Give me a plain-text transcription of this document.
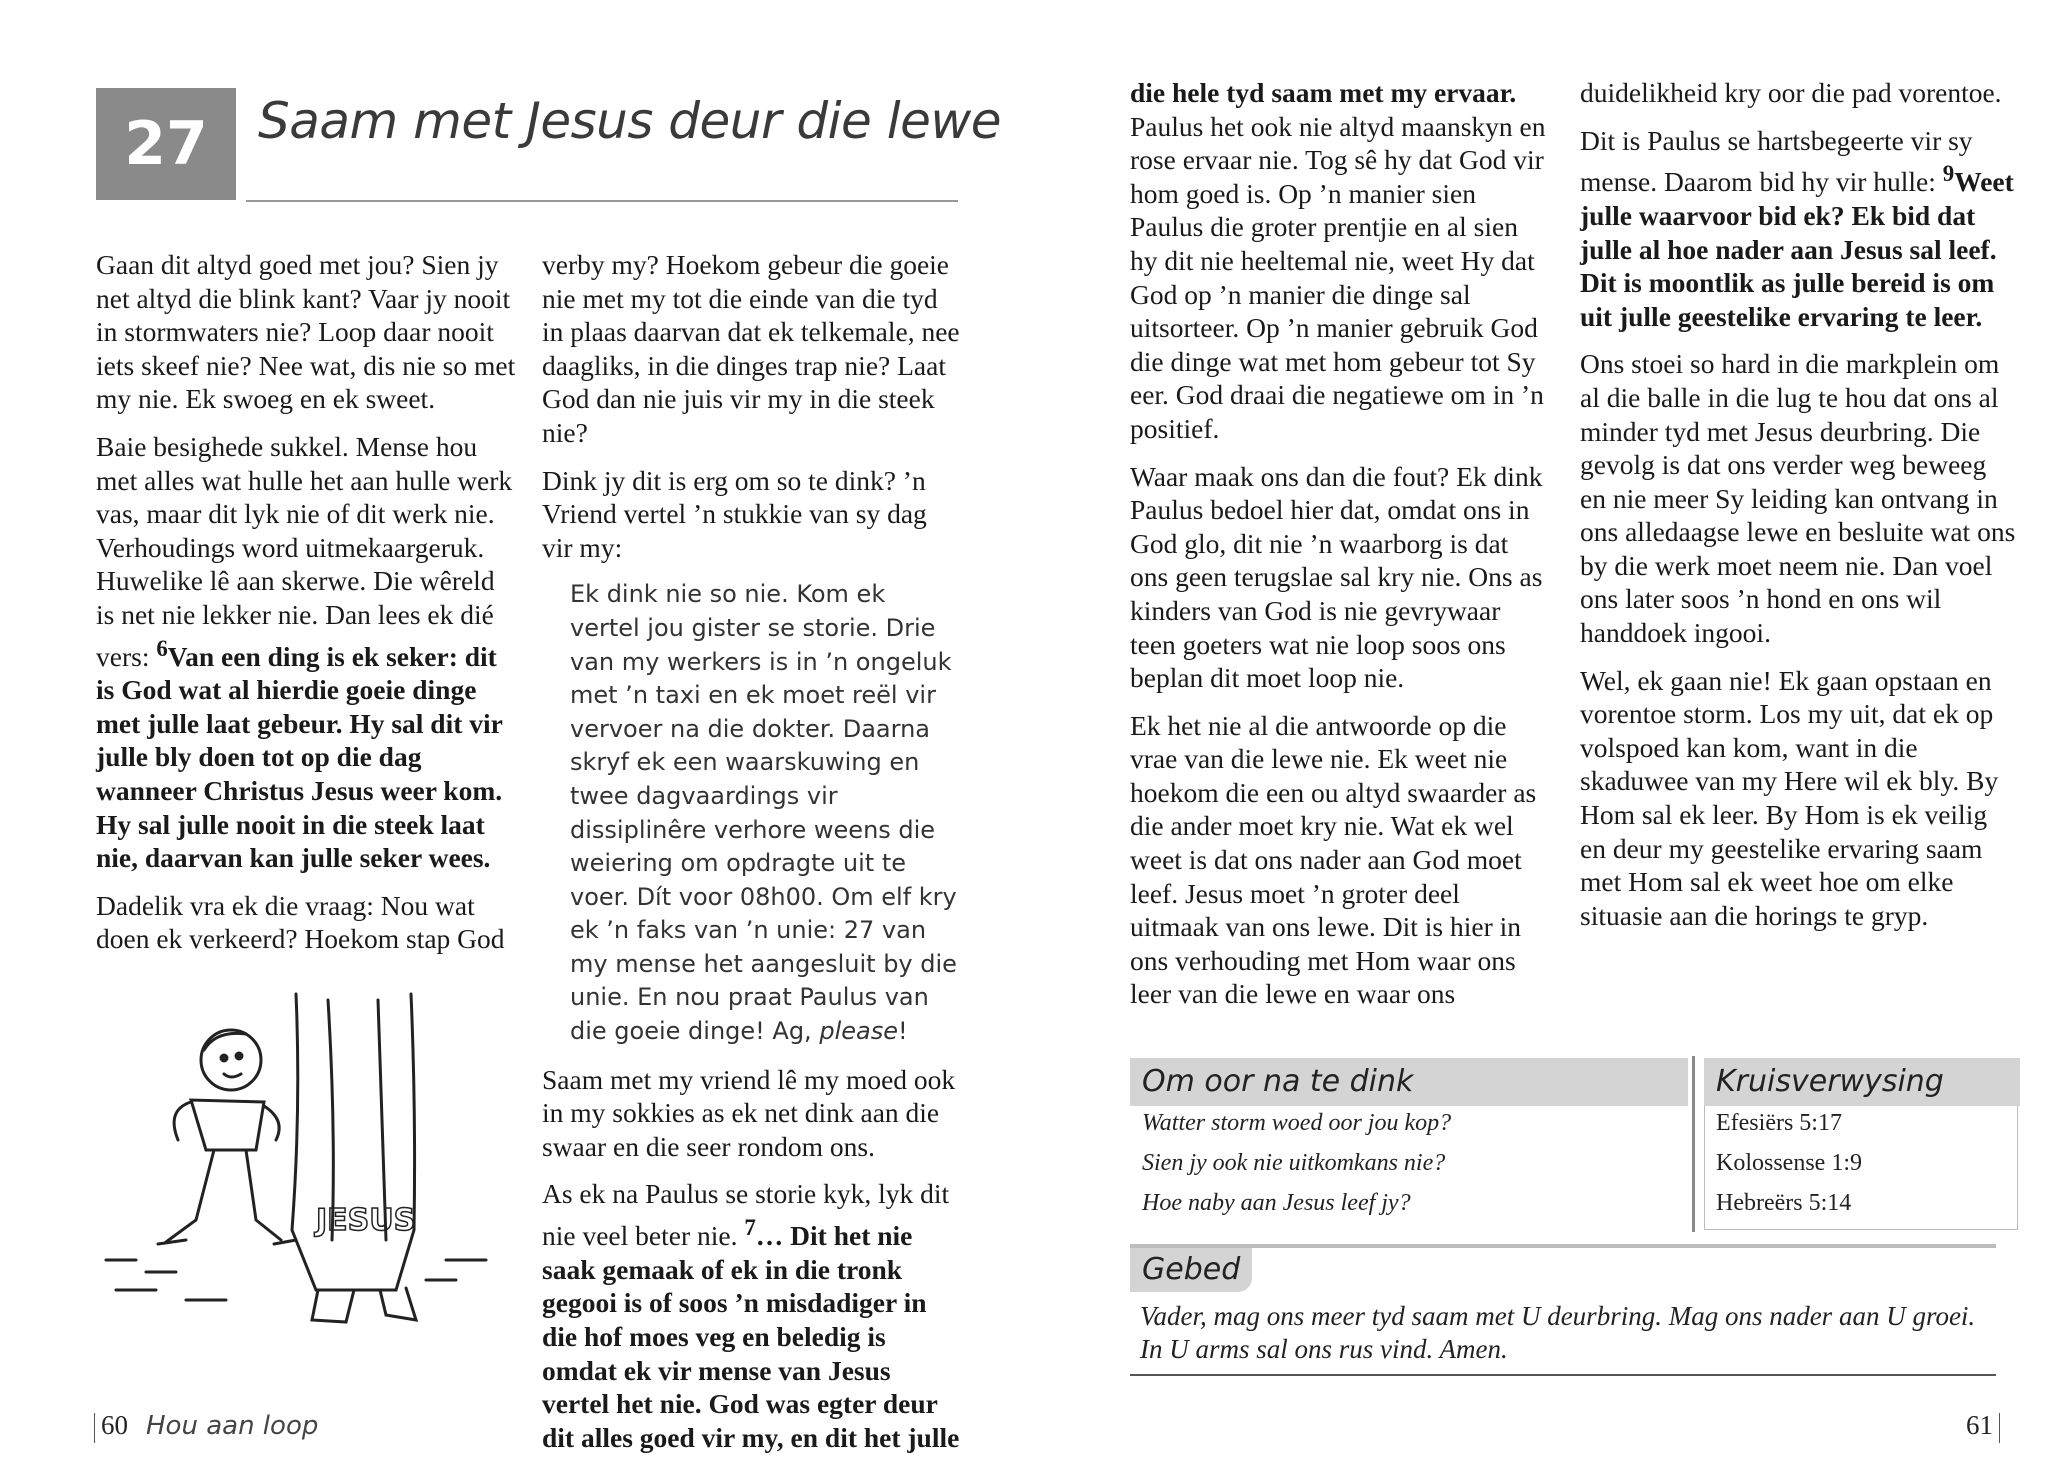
27	Saam met Jesus deur die lewe

Gaan dit altyd goed met jou? Sien jy net altyd die blink kant? Vaar jy nooit in stormwaters nie? Loop daar nooit iets skeef nie? Nee wat, dis nie so met my nie. Ek swoeg en ek sweet.

Baie besighede sukkel. Mense hou met alles wat hulle het aan hulle werk vas, maar dit lyk nie of dit werk nie. Verhoudings word uitmekaargeruk. Huwelike lê aan skerwe. Die wêreld is net nie lekker nie. Dan lees ek dié vers: $^6$Van een ding is ek seker: dit is God wat al hierdie goeie dinge met julle laat gebeur. Hy sal dit vir julle bly doen tot op die dag wanneer Christus Jesus weer kom. Hy sal julle nooit in die steek laat nie, daarvan kan julle seker wees.

Dadelik vra ek die vraag: Nou wat doen ek verkeerd? Hoekom stap God

JESUS

verby my? Hoekom gebeur die goeie nie met my tot die einde van die tyd in plaas daarvan dat ek telkemale, nee daagliks, in die dinges trap nie? Laat God dan nie juis vir my in die steek nie?

Dink jy dit is erg om so te dink? ’n Vriend vertel ’n stukkie van sy dag vir my:

Ek dink nie so nie. Kom ek vertel jou gister se storie. Drie van my werkers is in ’n ongeluk met ’n taxi en ek moet reël vir vervoer na die dokter. Daarna skryf ek een waarskuwing en twee dagvaardings vir dissiplinêre verhore weens die weiering om opdragte uit te voer. Dít voor 08h00. Om elf kry ek ’n faks van ’n unie: 27 van my mense het aangesluit by die unie. En nou praat Paulus van die goeie dinge! Ag, please!

Saam met my vriend lê my moed ook in my sokkies as ek net dink aan die swaar en die seer rondom ons.

As ek na Paulus se storie kyk, lyk dit nie veel beter nie. $^7$… Dit het nie saak gemaak of ek in die tronk gegooi is of soos ’n misdadiger in die hof moes veg en beledig is omdat ek vir mense van Jesus vertel het nie. God was egter deur dit alles goed vir my, en dit het julle

60 Hou aan loop

die hele tyd saam met my ervaar. Paulus het ook nie altyd maanskyn en rose ervaar nie. Tog sê hy dat God vir hom goed is. Op ’n manier sien Paulus die groter prentjie en al sien hy dit nie heeltemal nie, weet Hy dat God op ’n manier die dinge sal uitsorteer. Op ’n manier gebruik God die dinge wat met hom gebeur tot Sy eer. God draai die negatiewe om in ’n positief.

Waar maak ons dan die fout? Ek dink Paulus bedoel hier dat, omdat ons in God glo, dit nie ’n waarborg is dat ons geen terugslae sal kry nie. Ons as kinders van God is nie gevrywaar teen goeters wat nie loop soos ons beplan dit moet loop nie.

Ek het nie al die antwoorde op die vrae van die lewe nie. Ek weet nie hoekom die een ou altyd swaarder as die ander moet kry nie. Wat ek wel weet is dat ons nader aan God moet leef. Jesus moet ’n groter deel uitmaak van ons lewe. Dit is hier in ons verhouding met Hom waar ons leer van die lewe en waar ons

duidelikheid kry oor die pad vorentoe.

Dit is Paulus se hartsbegeerte vir sy mense. Daarom bid hy vir hulle: $^9$Weet julle waarvoor bid ek? Ek bid dat julle al hoe nader aan Jesus sal leef. Dit is moontlik as julle bereid is om uit julle geestelike ervaring te leer.

Ons stoei so hard in die markplein om al die balle in die lug te hou dat ons al minder tyd met Jesus deurbring. Die gevolg is dat ons verder weg beweeg en nie meer Sy leiding kan ontvang in ons alledaagse lewe en besluite wat ons by die werk moet neem nie. Dan voel ons later soos ’n hond en ons wil handdoek ingooi.

Wel, ek gaan nie! Ek gaan opstaan en vorentoe storm. Los my uit, dat ek op volspoed kan kom, want in die skaduwee van my Here wil ek bly. By Hom sal ek leer. By Hom is ek veilig en deur my geestelike ervaring saam met Hom sal ek weet hoe om elke situasie aan die horings te gryp.

Om oor na te dink
Watter storm woed oor jou kop?
Sien jy ook nie uitkomkans nie?
Hoe naby aan Jesus leef jy?
Kruisverwysing
Efesiërs 5:17
Kolossense 1:9
Hebreërs 5:14
Gebed
Vader, mag ons meer tyd saam met U deurbring. Mag ons nader aan U groei. In U arms sal ons rus vind. Amen.
61
